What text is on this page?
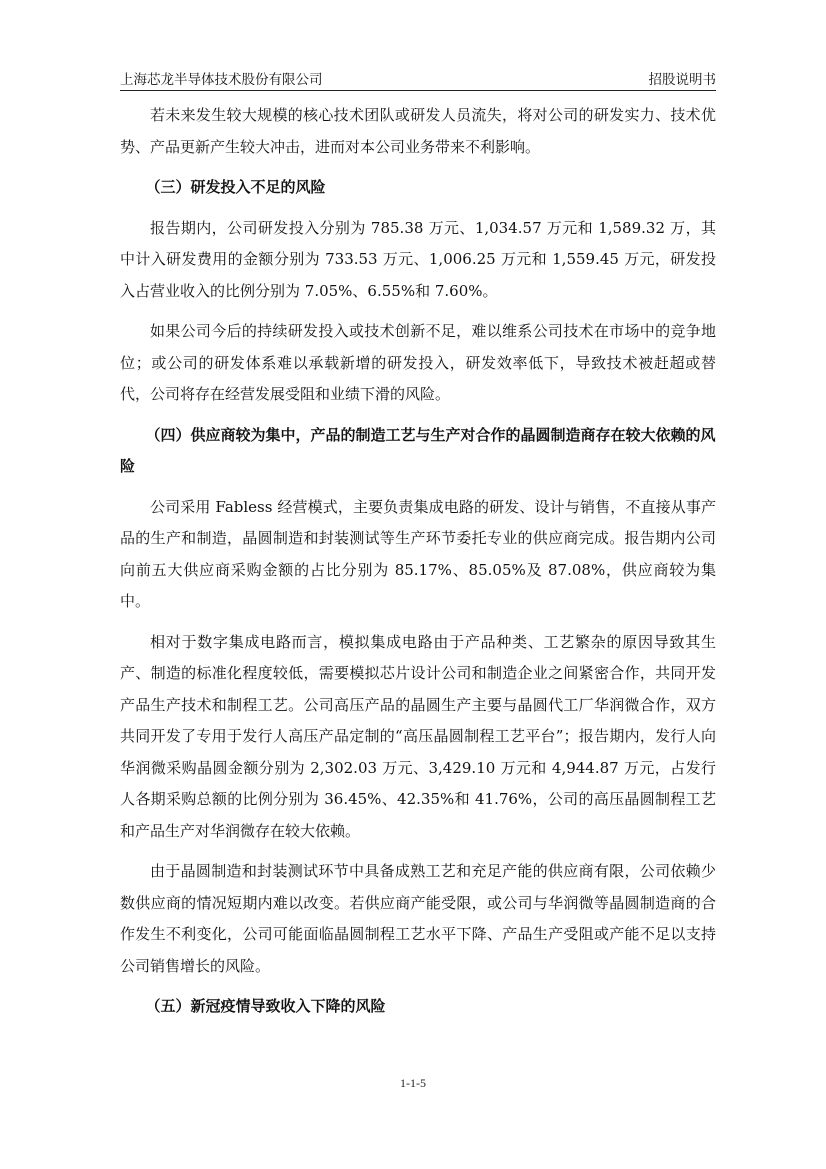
上海芯龙半导体技术股份有限公司	招股说明书

若未来发生较大规模的核心技术团队或研发人员流失，将对公司的研发实力、技术优势、产品更新产生较大冲击，进而对本公司业务带来不利影响。

（三）研发投入不足的风险

报告期内，公司研发投入分别为 785.38 万元、1,034.57 万元和 1,589.32 万，其中计入研发费用的金额分别为 733.53 万元、1,006.25 万元和 1,559.45 万元，研发投入占营业收入的比例分别为 7.05%、6.55%和 7.60%。

如果公司今后的持续研发投入或技术创新不足，难以维系公司技术在市场中的竞争地位；或公司的研发体系难以承载新增的研发投入，研发效率低下，导致技术被赶超或替代，公司将存在经营发展受阻和业绩下滑的风险。

（四）供应商较为集中，产品的制造工艺与生产对合作的晶圆制造商存在较大依赖的风险

公司采用 Fabless 经营模式，主要负责集成电路的研发、设计与销售，不直接从事产品的生产和制造，晶圆制造和封装测试等生产环节委托专业的供应商完成。报告期内公司向前五大供应商采购金额的占比分别为 85.17%、85.05%及 87.08%，供应商较为集中。

相对于数字集成电路而言，模拟集成电路由于产品种类、工艺繁杂的原因导致其生产、制造的标准化程度较低，需要模拟芯片设计公司和制造企业之间紧密合作，共同开发产品生产技术和制程工艺。公司高压产品的晶圆生产主要与晶圆代工厂华润微合作，双方共同开发了专用于发行人高压产品定制的“高压晶圆制程工艺平台”；报告期内，发行人向华润微采购晶圆金额分别为 2,302.03 万元、3,429.10 万元和 4,944.87 万元，占发行人各期采购总额的比例分别为 36.45%、42.35%和 41.76%，公司的高压晶圆制程工艺和产品生产对华润微存在较大依赖。

由于晶圆制造和封装测试环节中具备成熟工艺和充足产能的供应商有限，公司依赖少数供应商的情况短期内难以改变。若供应商产能受限，或公司与华润微等晶圆制造商的合作发生不利变化，公司可能面临晶圆制程工艺水平下降、产品生产受阻或产能不足以支持公司销售增长的风险。

（五）新冠疫情导致收入下降的风险
1-1-5
